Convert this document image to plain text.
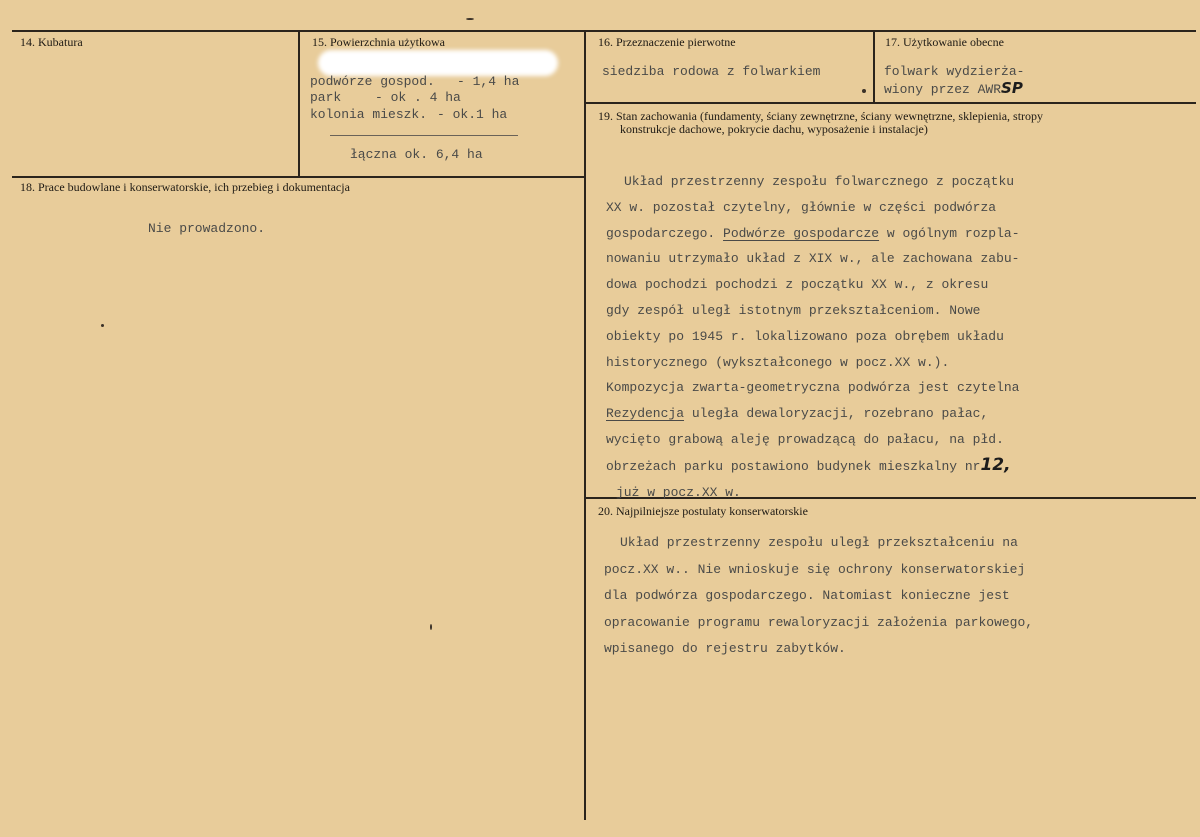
14. Kubatura	15. Powierzchnia użytkowa
podwórze gospod. - 1,4 ha
park	- ok . 4 ha
kolonia mieszk. - ok.1 ha
łączna ok. 6,4 ha
16. Przeznaczenie pierwotne
siedziba rodowa z folwarkiem
17. Użytkowanie obecne
folwark wydzierża-
wiony przez AWRSP
18. Prace budowlane i konserwatorskie, ich przebieg i dokumentacja
Nie prowadzono.
19. Stan zachowania (fundamenty, ściany zewnętrzne, ściany wewnętrzne, sklepienia, stropy
konstrukcje dachowe, pokrycie dachu, wyposażenie i instalacje)
Układ przestrzenny zespołu folwarcznego z początku
XX w. pozostał czytelny, głównie w części podwórza
gospodarczego. Podwórze gospodarcze w ogólnym rozpla-
nowaniu utrzymało układ z XIX w., ale zachowana zabu-
dowa pochodzi pochodzi z początku XX w., z okresu
gdy zespół uległ istotnym przekształceniom. Nowe
obiekty po 1945 r. lokalizowano poza obrębem układu
historycznego (wykształconego w pocz.XX w.).
Kompozycja zwarta-geometryczna podwórza jest czytelna
Rezydencja uległa dewaloryzacji, rozebrano pałac,
wycięto grabową aleję prowadzącą do pałacu, na płd.
obrzeżach parku postawiono budynek mieszkalny nr12,
już w pocz.XX w.
20. Najpilniejsze postulaty konserwatorskie
Układ przestrzenny zespołu uległ przekształceniu na
pocz.XX w.. Nie wnioskuje się ochrony konserwatorskiej
dla podwórza gospodarczego. Natomiast konieczne jest
opracowanie programu rewaloryzacji założenia parkowego,
wpisanego do rejestru zabytków.
